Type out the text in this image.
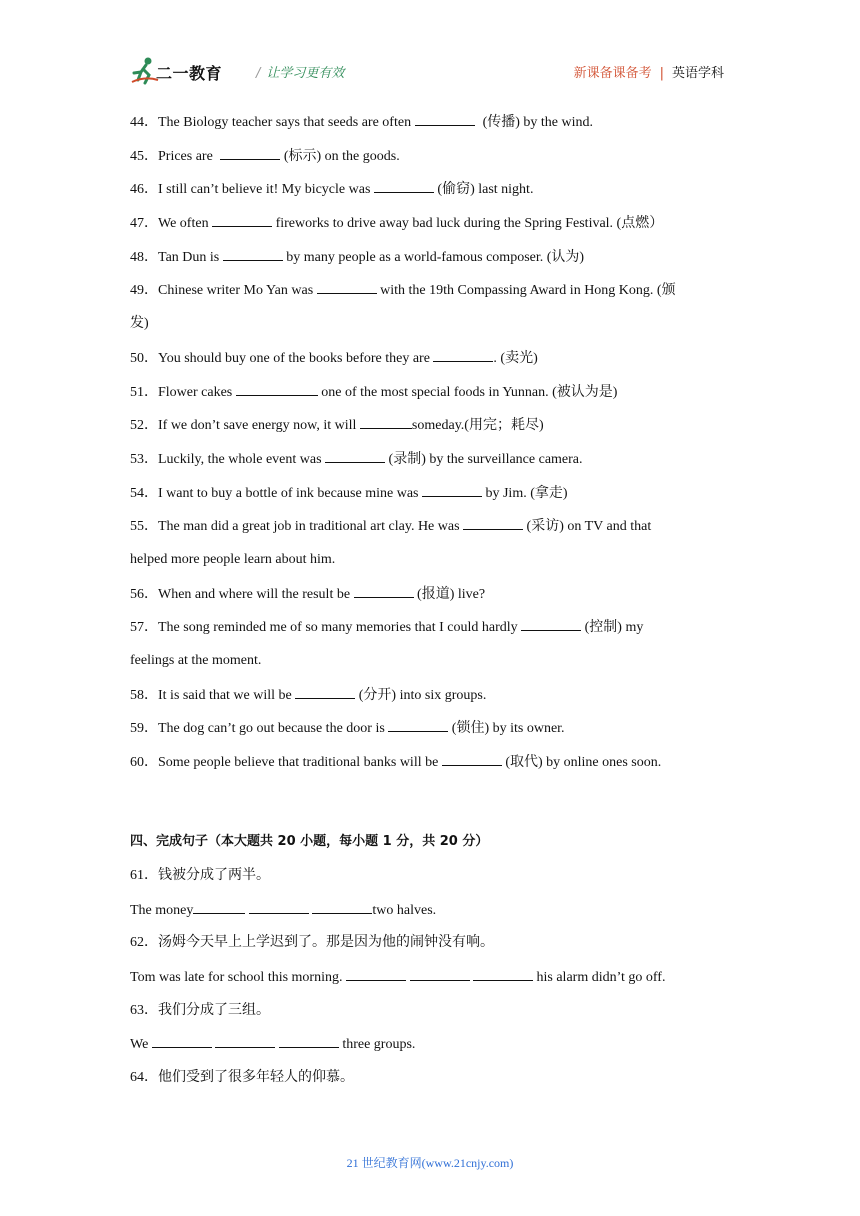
二一教育	/ 让学习更有效	新课备课备考 | 英语学科
44．The Biology teacher says that seeds are often	(传播) by the wind.
45．Prices are	(标示) on the goods.
46．I still can’t believe it! My bicycle was	(偷窃) last night.
47．We often	fireworks to drive away bad luck during the Spring Festival. (点燃）
48．Tan Dun is	by many people as a world-famous composer. (认为)
49．Chinese writer Mo Yan was	with the 19th Compassing Award in Hong Kong. (颁
发)
50．You should buy one of the books before they are	. (卖光)
51．Flower cakes	one of the most special foods in Yunnan. (被认为是)
52．If we don’t save energy now, it will	someday.(用完；耗尽)
53．Luckily, the whole event was	(录制) by the surveillance camera.
54．I want to buy a bottle of ink because mine was	by Jim. (拿走)
55．The man did a great job in traditional art clay. He was	(采访) on TV and that
helped more people learn about him.
56．When and where will the result be	(报道) live?
57．The song reminded me of so many memories that I could hardly	(控制) my
feelings at the moment.
58．It is said that we will be	(分开) into six groups.
59．The dog can’t go out because the door is	(锁住) by its owner.
60．Some people believe that traditional banks will be	(取代) by online ones soon.
四、完成句子（本大题共 20 小题，每小题 1 分，共 20 分）
61．钱被分成了两半。
The money	two halves.
62．汤姆今天早上上学迟到了。那是因为他的闹钟没有响。
Tom was late for school this morning.	his alarm didn’t go off.
63．我们分成了三组。
We	three groups.
64．他们受到了很多年轻人的仰慕。
21 世纪教育网(www.21cnjy.com)
